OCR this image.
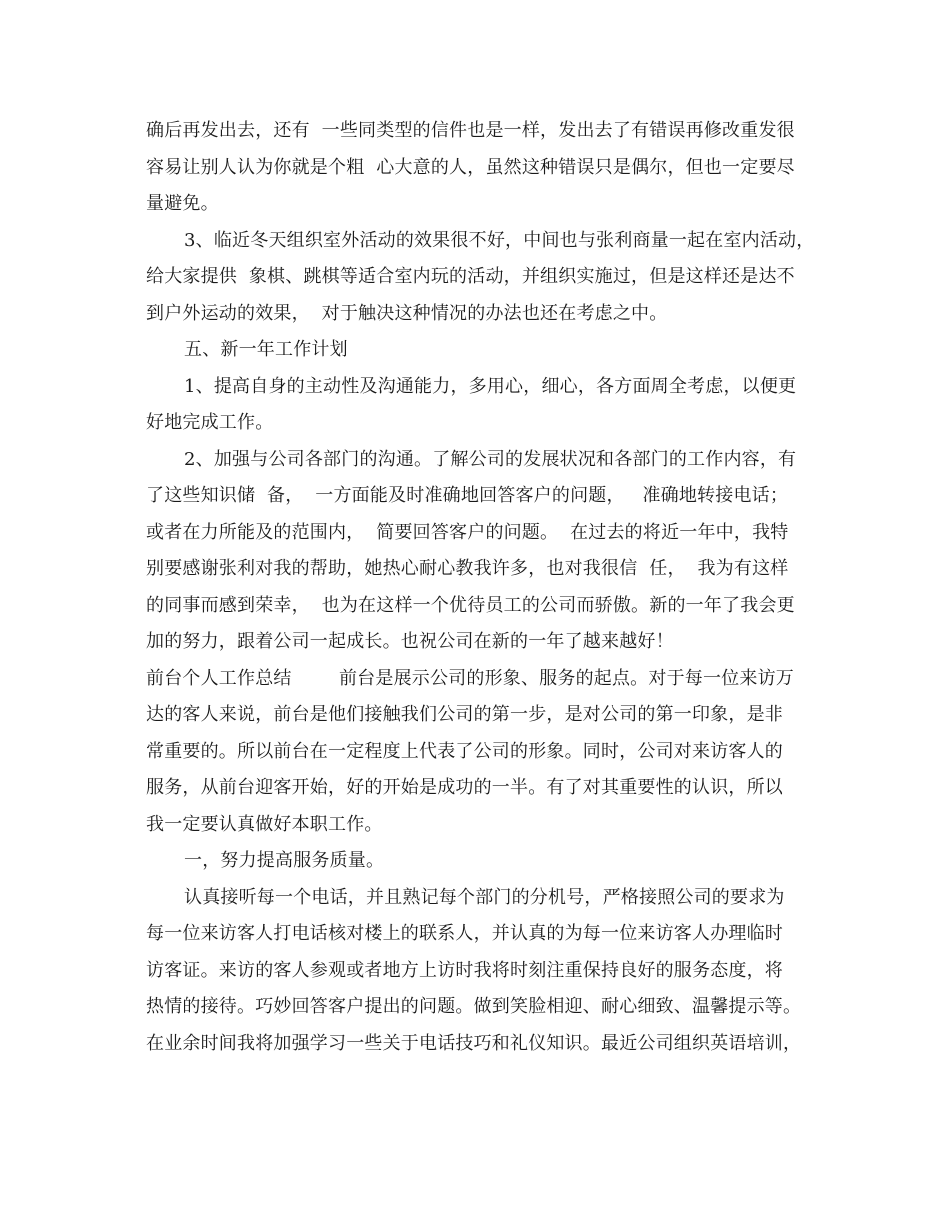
确后再发出去，还有  一些同类型的信件也是一样，发出去了有错误再修改重发很
容易让别人认为你就是个粗  心大意的人，虽然这种错误只是偶尔，但也一定要尽
量避免。
3、临近冬天组织室外活动的效果很不好，中间也与张利商量一起在室内活动，
给大家提供  象棋、跳棋等适合室内玩的活动，并组织实施过，但是这样还是达不
到户外运动的效果，  对于触决这种情况的办法也还在考虑之中。
五、新一年工作计划
1、提高自身的主动性及沟通能力，多用心，细心，各方面周全考虑，以便更
好地完成工作。
2、加强与公司各部门的沟通。了解公司的发展状况和各部门的工作内容，有
了这些知识储  备，  一方面能及时准确地回答客户的问题，   准确地转接电话；
或者在力所能及的范围内，  简要回答客户的问题。  在过去的将近一年中，我特
别要感谢张利对我的帮助，她热心耐心教我许多，也对我很信  任，  我为有这样
的同事而感到荣幸，  也为在这样一个优待员工的公司而骄傲。新的一年了我会更
加的努力，跟着公司一起成长。也祝公司在新的一年了越来越好！
前台个人工作总结        前台是展示公司的形象、服务的起点。对于每一位来访万
达的客人来说，前台是他们接触我们公司的第一步，是对公司的第一印象，是非
常重要的。所以前台在一定程度上代表了公司的形象。同时，公司对来访客人的
服务，从前台迎客开始，好的开始是成功的一半。有了对其重要性的认识，所以
我一定要认真做好本职工作。
一，努力提高服务质量。
认真接听每一个电话，并且熟记每个部门的分机号，严格接照公司的要求为
每一位来访客人打电话核对楼上的联系人，并认真的为每一位来访客人办理临时
访客证。来访的客人参观或者地方上访时我将时刻注重保持良好的服务态度，将
热情的接待。巧妙回答客户提出的问题。做到笑脸相迎、耐心细致、温馨提示等。
在业余时间我将加强学习一些关于电话技巧和礼仪知识。最近公司组织英语培训，
